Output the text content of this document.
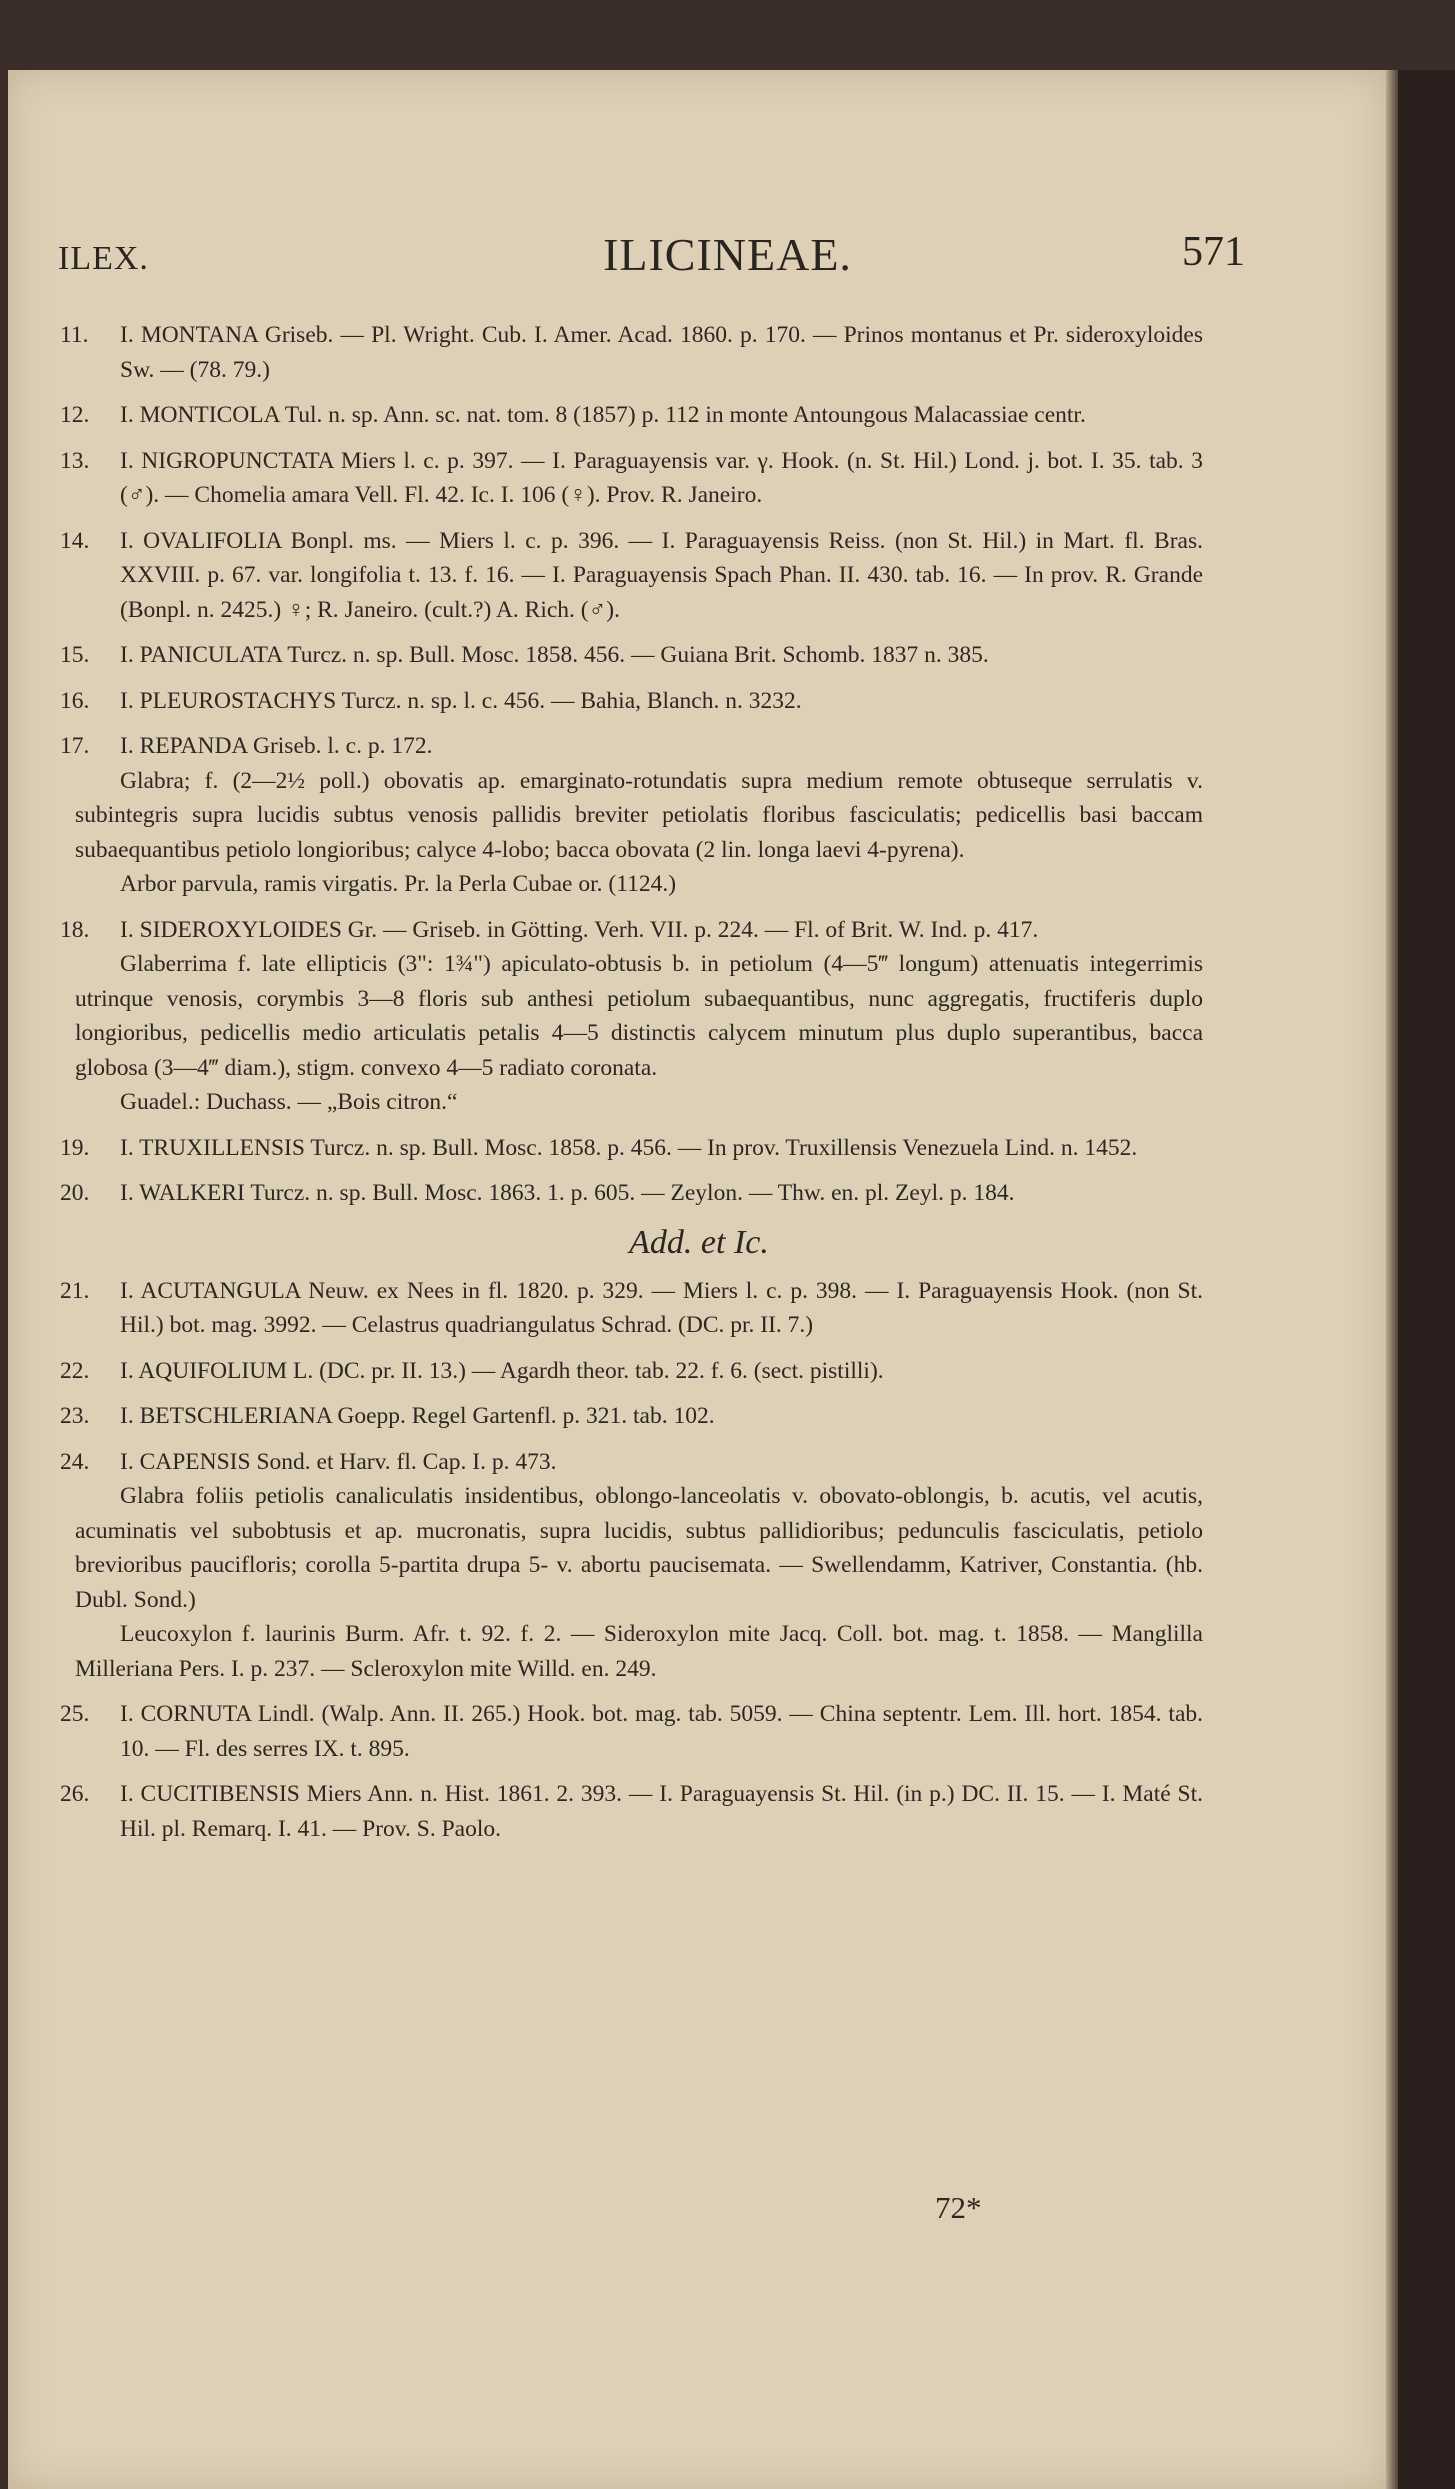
ILEX.	ILICINEAE.	571
11.	I. MONTANA Griseb. — Pl. Wright. Cub. I. Amer. Acad. 1860. p. 170. — Prinos montanus et Pr. sideroxyloides Sw. — (78. 79.)

12.	I. MONTICOLA Tul. n. sp. Ann. sc. nat. tom. 8 (1857) p. 112 in monte Antoungous Malacassiae centr.

13.	I. NIGROPUNCTATA Miers l. c. p. 397. — I. Paraguayensis var. γ. Hook. (n. St. Hil.) Lond. j. bot. I. 35. tab. 3 (♂). — Chomelia amara Vell. Fl. 42. Ic. I. 106 (♀). Prov. R. Janeiro.

14.	I. OVALIFOLIA Bonpl. ms. — Miers l. c. p. 396. — I. Paraguayensis Reiss. (non St. Hil.) in Mart. fl. Bras. XXVIII. p. 67. var. longifolia t. 13. f. 16. — I. Paraguayensis Spach Phan. II. 430. tab. 16. — In prov. R. Grande (Bonpl. n. 2425.) ♀; R. Janeiro. (cult.?) A. Rich. (♂).

15.	I. PANICULATA Turcz. n. sp. Bull. Mosc. 1858. 456. — Guiana Brit. Schomb. 1837 n. 385.

16.	I. PLEUROSTACHYS Turcz. n. sp. l. c. 456. — Bahia, Blanch. n. 3232.

17.	I. REPANDA Griseb. l. c. p. 172.

Glabra; f. (2—2½ poll.) obovatis ap. emarginato-rotundatis supra medium remote obtuseque serrulatis v. subintegris supra lucidis subtus venosis pallidis breviter petiolatis floribus fasciculatis; pedicellis basi baccam subaequantibus petiolo longioribus; calyce 4-lobo; bacca obovata (2 lin. longa laevi 4-pyrena).

Arbor parvula, ramis virgatis. Pr. la Perla Cubae or. (1124.)

18.	I. SIDEROXYLOIDES Gr. — Griseb. in Götting. Verh. VII. p. 224. — Fl. of Brit. W. Ind. p. 417.

Glaberrima f. late ellipticis (3": 1¾") apiculato-obtusis b. in petiolum (4—5‴ longum) attenuatis integerrimis utrinque venosis, corymbis 3—8 floris sub anthesi petiolum subaequantibus, nunc aggregatis, fructiferis duplo longioribus, pedicellis medio articulatis petalis 4—5 distinctis calycem minutum plus duplo superantibus, bacca globosa (3—4‴ diam.), stigm. convexo 4—5 radiato coronata.

Guadel.: Duchass. — „Bois citron.“

19.	I. TRUXILLENSIS Turcz. n. sp. Bull. Mosc. 1858. p. 456. — In prov. Truxillensis Venezuela Lind. n. 1452.

20.	I. WALKERI Turcz. n. sp. Bull. Mosc. 1863. 1. p. 605. — Zeylon. — Thw. en. pl. Zeyl. p. 184.

Add. et Ic.
21.	I. ACUTANGULA Neuw. ex Nees in fl. 1820. p. 329. — Miers l. c. p. 398. — I. Paraguayensis Hook. (non St. Hil.) bot. mag. 3992. — Celastrus quadriangulatus Schrad. (DC. pr. II. 7.)

22.	I. AQUIFOLIUM L. (DC. pr. II. 13.) — Agardh theor. tab. 22. f. 6. (sect. pistilli).

23.	I. BETSCHLERIANA Goepp. Regel Gartenfl. p. 321. tab. 102.

24.	I. CAPENSIS Sond. et Harv. fl. Cap. I. p. 473.

Glabra foliis petiolis canaliculatis insidentibus, oblongo-lanceolatis v. obovato-oblongis, b. acutis, vel acutis, acuminatis vel subobtusis et ap. mucronatis, supra lucidis, subtus pallidioribus; pedunculis fasciculatis, petiolo brevioribus paucifloris; corolla 5-partita drupa 5- v. abortu paucisemata. — Swellendamm, Katriver, Constantia. (hb. Dubl. Sond.)

Leucoxylon f. laurinis Burm. Afr. t. 92. f. 2. — Sideroxylon mite Jacq. Coll. bot. mag. t. 1858. — Manglilla Milleriana Pers. I. p. 237. — Scleroxylon mite Willd. en. 249.

25.	I. CORNUTA Lindl. (Walp. Ann. II. 265.) Hook. bot. mag. tab. 5059. — China septentr. Lem. Ill. hort. 1854. tab. 10. — Fl. des serres IX. t. 895.

26.	I. CUCITIBENSIS Miers Ann. n. Hist. 1861. 2. 393. — I. Paraguayensis St. Hil. (in p.) DC. II. 15. — I. Maté St. Hil. pl. Remarq. I. 41. — Prov. S. Paolo.

72*
